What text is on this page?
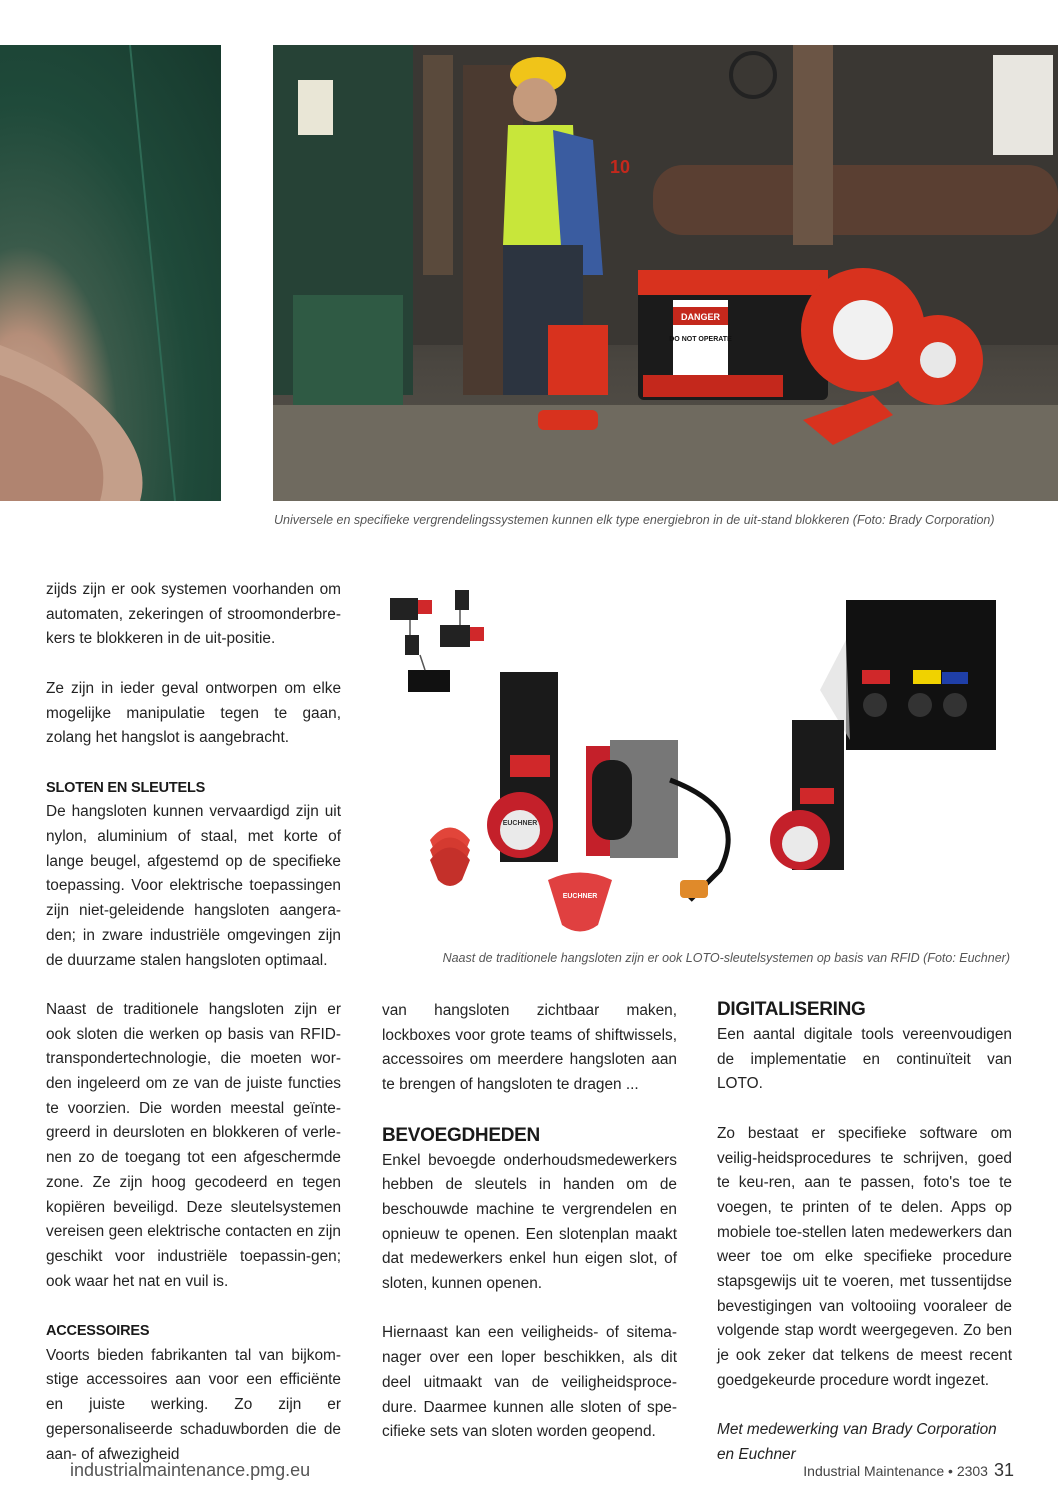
DANGER
DO NOT OPERATE
10
Universele en specifieke vergrendelingssystemen kunnen elk type energiebron in de uit-stand blokkeren (Foto: Brady Corporation)
EUCHNER
EUCHNER
Naast de traditionele hangsloten zijn er ook LOTO-sleutelsystemen op basis van RFID (Foto: Euchner)

zijds zijn er ook systemen voorhanden om automaten, zekeringen of stroomonderbre-kers te blokkeren in de uit-positie.

Ze zijn in ieder geval ontworpen om elke mogelijke manipulatie tegen te gaan, zolang het hangslot is aangebracht.

SLOTEN EN SLEUTELS

De hangsloten kunnen vervaardigd zijn uit nylon, aluminium of staal, met korte of lange beugel, afgestemd op de specifieke toepassing. Voor elektrische toepassingen zijn niet-geleidende hangsloten aangera-den; in zware industriële omgevingen zijn de duurzame stalen hangsloten optimaal.

Naast de traditionele hangsloten zijn er ook sloten die werken op basis van RFID-transpondertechnologie, die moeten wor-den ingeleerd om ze van de juiste functies te voorzien. Die worden meestal geïnte-greerd in deursloten en blokkeren of verle-nen zo de toegang tot een afgeschermde zone. Ze zijn hoog gecodeerd en tegen kopiëren beveiligd. Deze sleutelsystemen vereisen geen elektrische contacten en zijn geschikt voor industriële toepassin-gen; ook waar het nat en vuil is.

ACCESSOIRES

Voorts bieden fabrikanten tal van bijkom-stige accessoires aan voor een efficiënte en juiste werking. Zo zijn er gepersonaliseerde schaduwborden die de aan- of afwezigheid

van hangsloten zichtbaar maken, lockboxes voor grote teams of shiftwissels, accessoires om meerdere hangsloten aan te brengen of hangsloten te dragen ...

BEVOEGDHEDEN

Enkel bevoegde onderhoudsmedewerkers hebben de sleutels in handen om de beschouwde machine te vergrendelen en opnieuw te openen. Een slotenplan maakt dat medewerkers enkel hun eigen slot, of sloten, kunnen openen.

Hiernaast kan een veiligheids- of sitema-nager over een loper beschikken, als dit deel uitmaakt van de veiligheidsproce-dure. Daarmee kunnen alle sloten of spe-cifieke sets van sloten worden geopend.

DIGITALISERING

Een aantal digitale tools vereenvoudigen de implementatie en continuïteit van LOTO.

Zo bestaat er specifieke software om veilig-heidsprocedures te schrijven, goed te keu-ren, aan te passen, foto's toe te voegen, te printen of te delen. Apps op mobiele toe-stellen laten medewerkers dan weer toe om elke specifieke procedure stapsgewijs uit te voeren, met tussentijdse bevestigingen van voltooiing vooraleer de volgende stap wordt weergegeven. Zo ben je ook zeker dat telkens de meest recent goedgekeurde procedure wordt ingezet.

Met medewerking van Brady Corporation en Euchner

industrialmaintenance.pmg.eu	Industrial Maintenance • 2303 31
